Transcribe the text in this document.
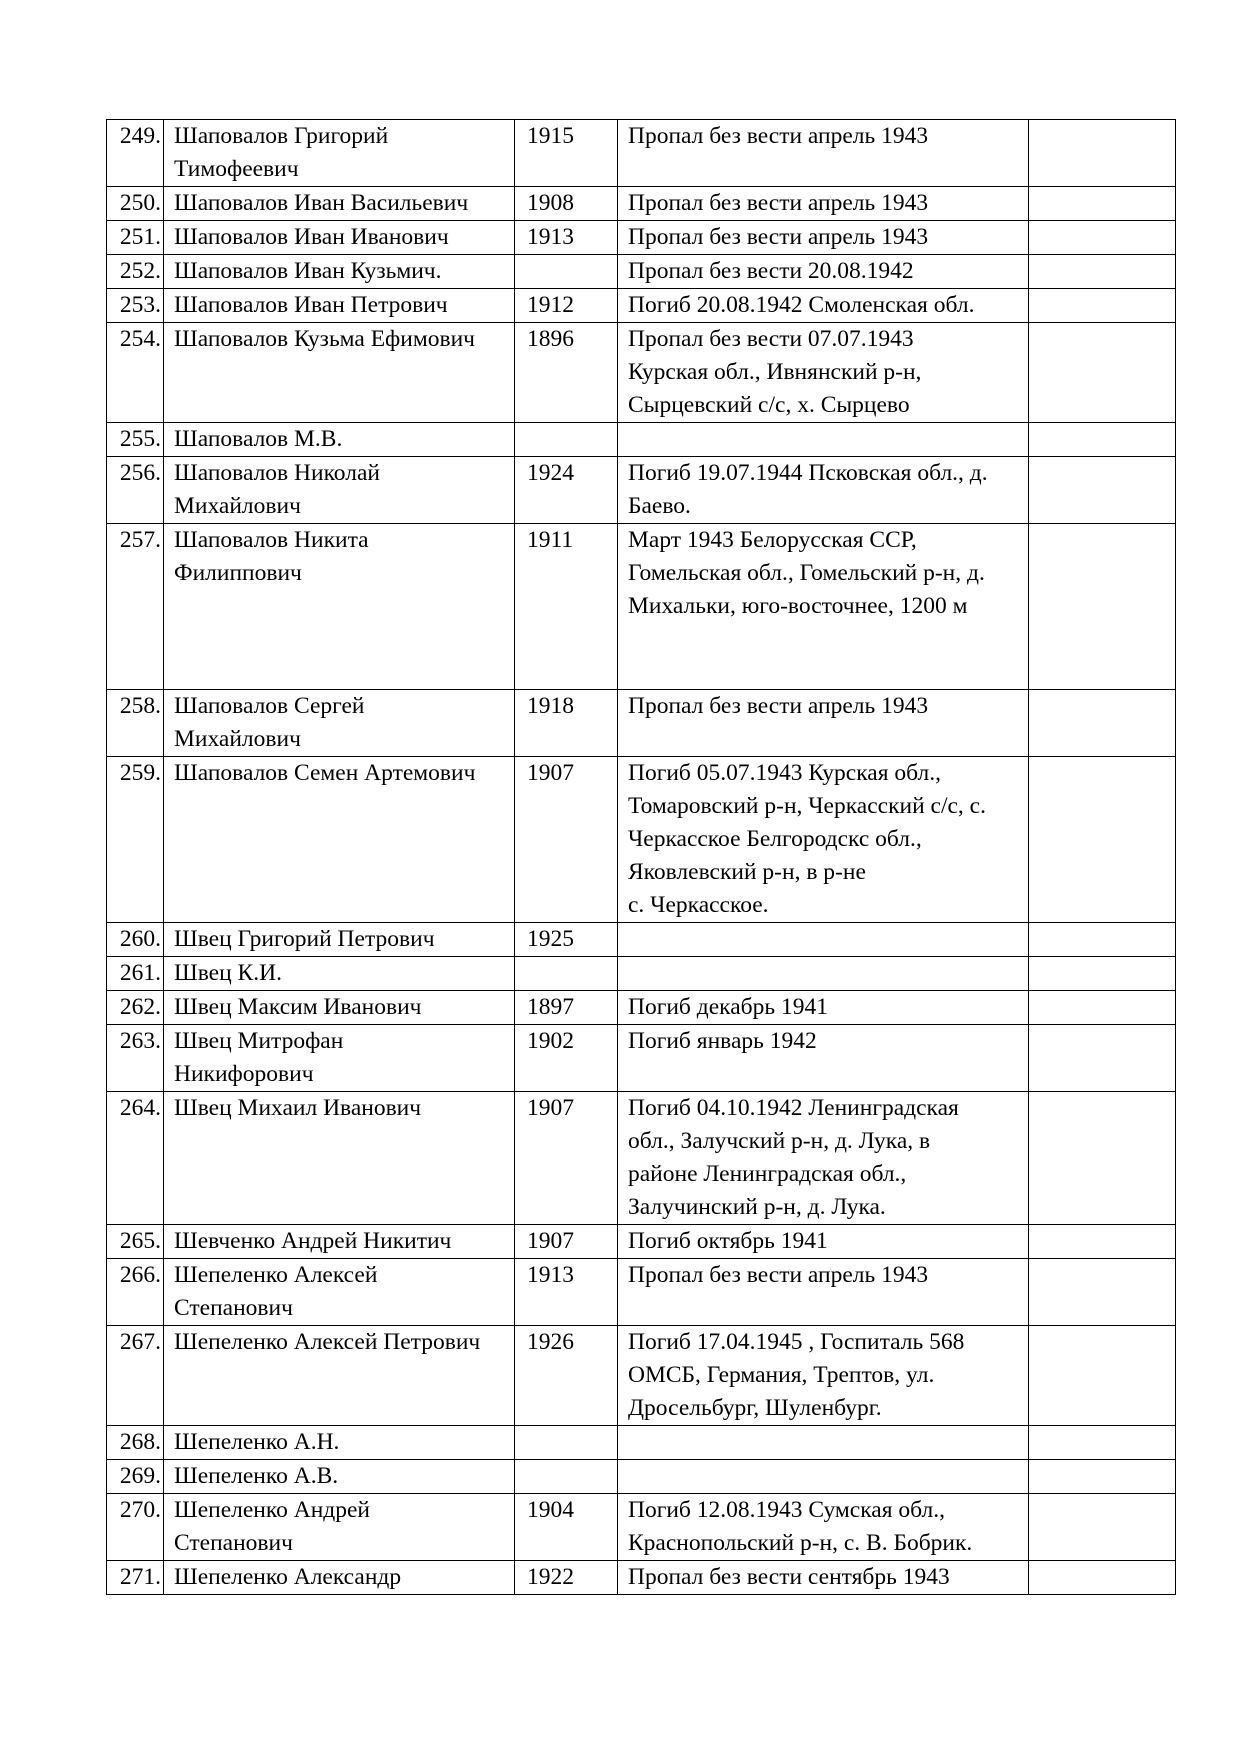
249.	Шаповалов Григорий
Тимофеевич	1915	Пропал без вести апрель 1943	

250.	Шаповалов Иван Васильевич	1908	Пропал без вести апрель 1943	

251.	Шаповалов Иван Иванович	1913	Пропал без вести апрель 1943	

252.	Шаповалов Иван Кузьмич.		Пропал без вести 20.08.1942	

253.	Шаповалов Иван Петрович	1912	Погиб 20.08.1942 Смоленская обл.	

254.	Шаповалов Кузьма Ефимович	1896	Пропал без вести 07.07.1943
Курская обл., Ивнянский р-н,
Сырцевский с/с, х. Сырцево	

255.	Шаповалов М.В.			

256.	Шаповалов Николай
Михайлович	1924	Погиб 19.07.1944 Псковская обл., д.
Баево.	

257.	Шаповалов Никита
Филиппович	1911	Март 1943 Белорусская ССР,
Гомельская обл., Гомельский р-н, д.
Михальки, юго-восточнее, 1200 м	

258.	Шаповалов Сергей
Михайлович	1918	Пропал без вести апрель 1943	

259.	Шаповалов Семен Артемович	1907	Погиб 05.07.1943 Курская обл.,
Томаровский р-н, Черкасский с/с, с.
Черкасское Белгородскс обл.,
Яковлевский р-н, в р-не
с. Черкасское.	

260.	Швец Григорий Петрович	1925		
261.	Швец К.И.			

262.	Швец Максим Иванович	1897	Погиб декабрь 1941	

263.	Швец Митрофан
Никифорович	1902	Погиб январь 1942	

264.	Швец Михаил Иванович	1907	Погиб 04.10.1942 Ленинградская
обл., Залучский р-н, д. Лука, в
районе Ленинградская обл.,
Залучинский р-н, д. Лука.	

265.	Шевченко Андрей Никитич	1907	Погиб октябрь 1941	

266.	Шепеленко Алексей
Степанович	1913	Пропал без вести апрель 1943	

267.	Шепеленко Алексей Петрович	1926	Погиб 17.04.1945 , Госпиталь 568
ОМСБ, Германия, Трептов, ул.
Дросельбург, Шуленбург.	

268.	Шепеленко А.Н.			

269.	Шепеленко А.В.			

270.	Шепеленко Андрей
Степанович	1904	Погиб 12.08.1943 Сумская обл.,
Краснопольский р-н, с. В. Бобрик.	

271.	Шепеленко Александр	1922	Пропал без вести сентябрь 1943	
